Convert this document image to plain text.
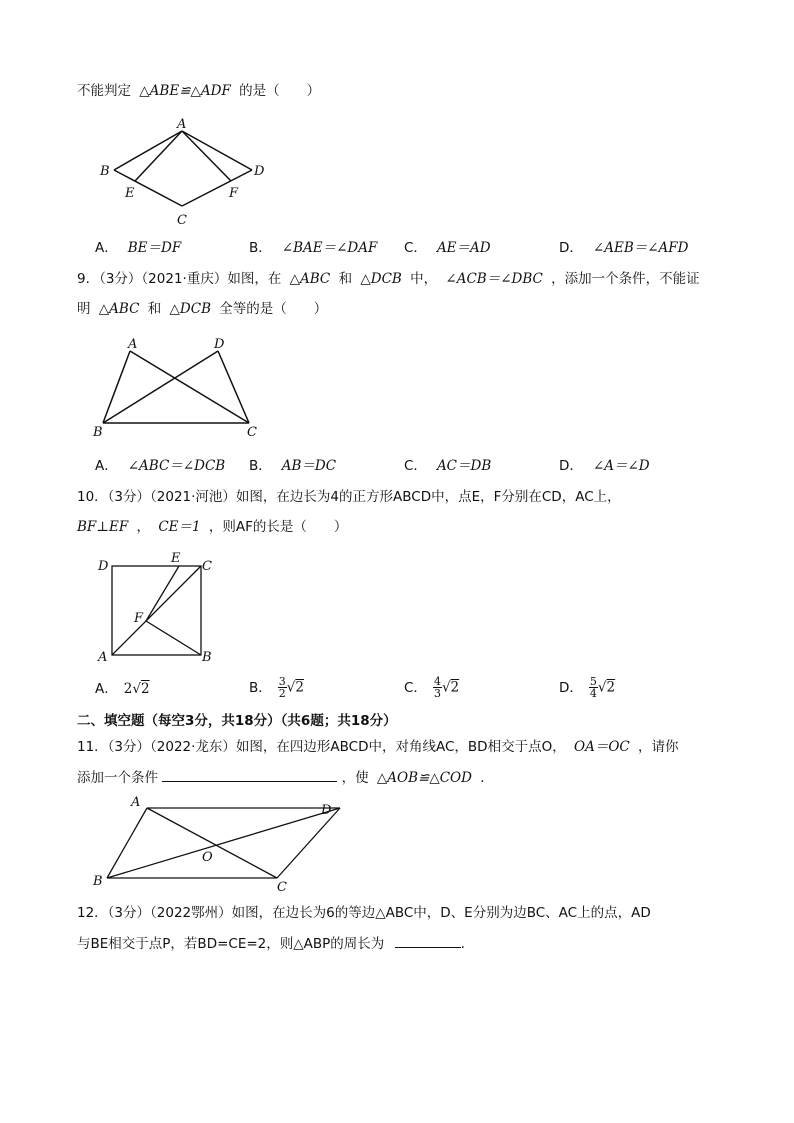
不能判定 △ABE≌△ADF 的是（　　）
A
B	D
E	F
C
A． BE＝DF	B． ∠BAE＝∠DAF C． AE＝AD	D． ∠AEB＝∠AFD
9．（3分）（2021·重庆）如图，在 △ABC 和 △DCB 中， ∠ACB＝∠DBC ，添加一个条件，不能证
明 △ABC 和 △DCB 全等的是（　　）
A	D
B	C
A． ∠ABC＝∠DCB B． AB＝DC	C． AC＝DB	D． ∠A＝∠D
10．（3分）（2021·河池）如图，在边长为4的正方形ABCD中，点E，F分别在CD，AC上，
BF⊥EF ， CE＝1 ，则AF的长是（　　）
D
E
C
F
A	B
A． 2√2	B． $\frac{3}{2} √2$	C． $\frac{4}{3} √2$	D． $\frac{5}{4} √2$
二、填空题（每空3分，共18分）（共6题；共18分）
11．（3分）（2022·龙东）如图，在四边形ABCD中，对角线AC，BD相交于点O， OA＝OC ，请你
添加一个条件	，使 △AOB≌△COD ．
A
D
O
B	C
12．（3分）（2022鄂州）如图，在边长为6的等边△ABC中，D、E分别为边BC、AC上的点，AD
与BE相交于点P，若BD=CE=2，则△ABP的周长为	.
